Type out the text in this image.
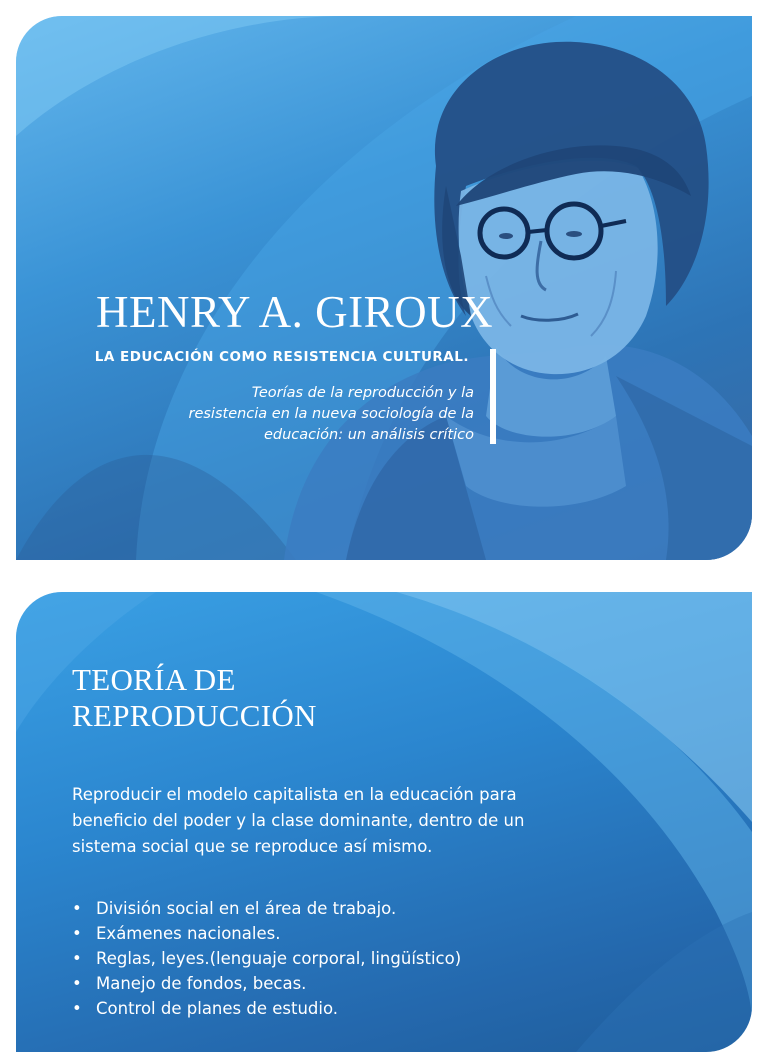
HENRY A. GIROUX
LA EDUCACIÓN COMO RESISTENCIA CULTURAL.
Teorías de la reproducción y la
resistencia en la nueva sociología de la
educación: un análisis crítico
TEORÍA DE
REPRODUCCIÓN
Reproducir el modelo capitalista en la educación para
beneficio del poder y la clase dominante, dentro de un
sistema social que se reproduce así mismo.
• División social en el área de trabajo.
• Exámenes nacionales.
• Reglas, leyes.(lenguaje corporal, lingüístico)
• Manejo de fondos, becas.
• Control de planes de estudio.
